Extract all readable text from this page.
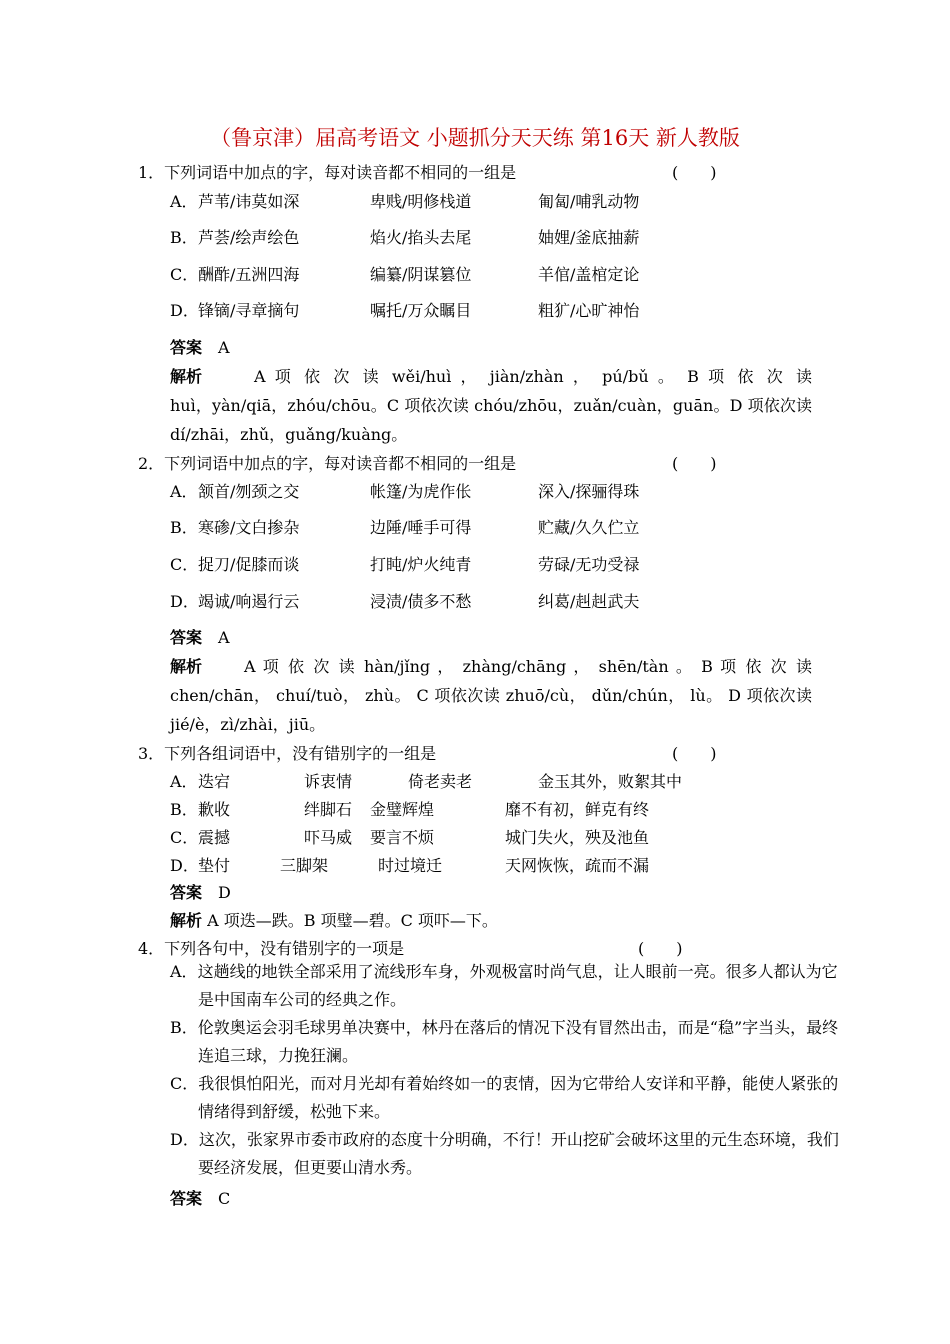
（鲁京津）届高考语文 小题抓分天天练 第16天 新人教版
1．下列词语中加点的字，每对读音都不相同的一组是	(　　)
A． 芦苇/讳莫如深	卑贱/明修栈道	匍匐/哺乳动物
B． 芦荟/绘声绘色	焰火/掐头去尾	妯娌/釜底抽薪
C． 酬酢/五洲四海	编纂/阴谋篡位	羊倌/盖棺定论
D． 锋镝/寻章摘句	嘱托/万众瞩目	粗犷/心旷神怡
答案　 A
解析	A 项 依 次 读 wěi/huì ， jiàn/zhàn ， pú/bǔ 。 B 项 依 次 读
huì，yàn/qiā，zhóu/chōu。C 项依次读 chóu/zhōu，zuǎn/cuàn，guān。D 项依次读
dí/zhāi，zhǔ，guǎng/kuàng。
2．下列词语中加点的字，每对读音都不相同的一组是	(　　)
A． 颔首/刎颈之交	帐篷/为虎作伥	深入/探骊得珠
B． 寒碜/文白掺杂	边陲/唾手可得	贮藏/久久伫立
C． 捉刀/促膝而谈	打盹/炉火纯青	劳碌/无功受禄
D． 竭诚/响遏行云	浸渍/债多不愁	纠葛/赳赳武夫
答案　 A
解析	A 项 依 次 读 hàn/jǐng ， zhàng/chāng ， shēn/tàn 。 B 项 依 次 读
chen/chān， chuí/tuò， zhù。 C 项依次读 zhuō/cù， dǔn/chún， lù。 D 项依次读
jié/è，zì/zhài，jiū。
3．下列各组词语中，没有错别字的一组是	(　　)
A． 迭宕	诉衷情	倚老卖老	金玉其外，败絮其中
B． 歉收	绊脚石 金璧辉煌	靡不有初，鲜克有终
C． 震撼	吓马威 要言不烦	城门失火，殃及池鱼
D． 垫付	三脚架	时过境迁	天网恢恢，疏而不漏
答案　 D
解析 A 项迭—跌。B 项璧—碧。C 项吓—下。
4．下列各句中，没有错别字的一项是	(　　)
A．这趟线的地铁全部采用了流线形车身，外观极富时尚气息，让人眼前一亮。很多人都认为它是中国南车公司的经典之作。
B．伦敦奥运会羽毛球男单决赛中，林丹在落后的情况下没有冒然出击，而是“稳”字当头，最终连追三球，力挽狂澜。
C．我很惧怕阳光，而对月光却有着始终如一的衷情，因为它带给人安详和平静，能使人紧张的情绪得到舒缓，松弛下来。
D．这次，张家界市委市政府的态度十分明确，不行！开山挖矿会破坏这里的元生态环境，我们要经济发展，但更要山清水秀。
答案　 C
